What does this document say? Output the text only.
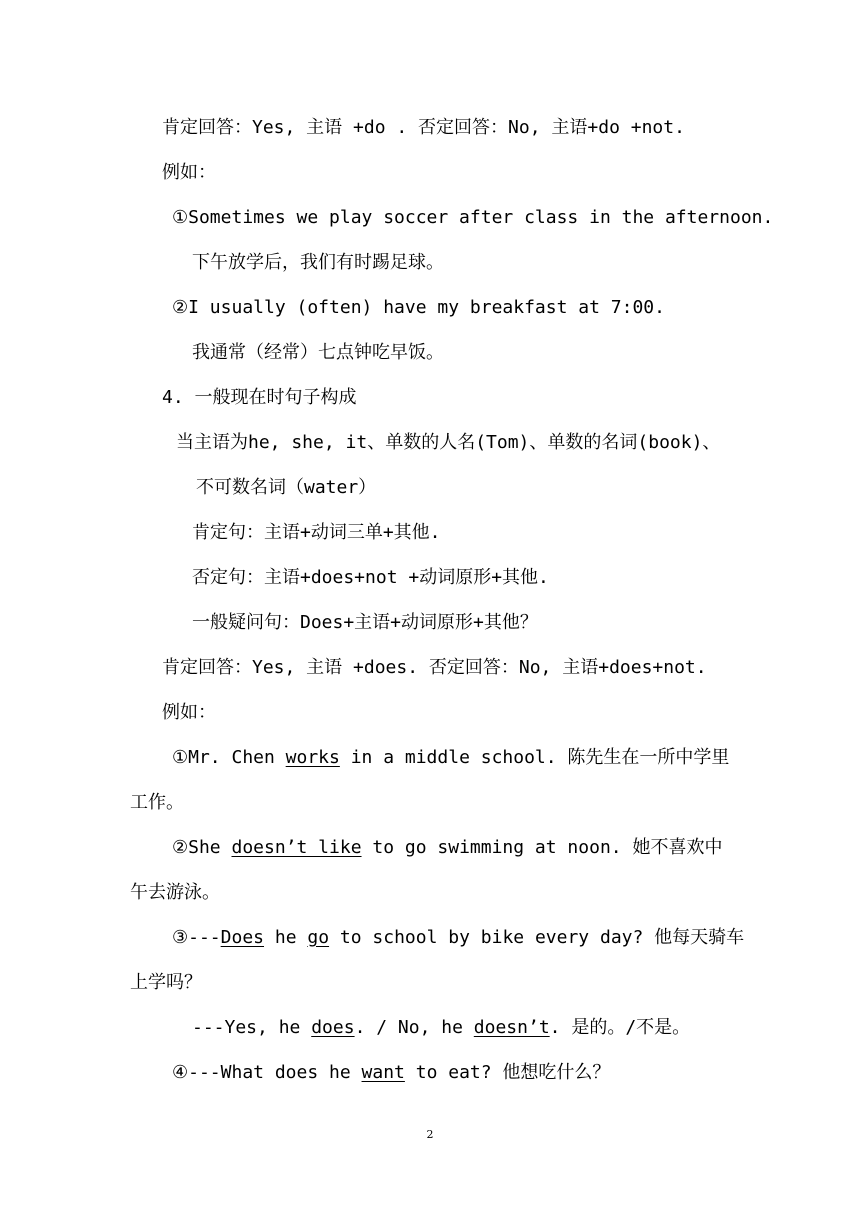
肯定回答：Yes, 主语 +do . 否定回答：No, 主语+do +not.
例如：
①Sometimes we play soccer after class in the afternoon.
下午放学后，我们有时踢足球。
②I usually (often) have my breakfast at 7:00.
我通常（经常）七点钟吃早饭。
4. 一般现在时句子构成
当主语为he, she, it、单数的人名(Tom)、单数的名词(book)、
不可数名词（water）
肯定句：主语+动词三单+其他.
否定句：主语+does+not +动词原形+其他.
一般疑问句：Does+主语+动词原形+其他？
肯定回答：Yes, 主语 +does. 否定回答：No, 主语+does+not.
例如：
①Mr. Chen works in a middle school. 陈先生在一所中学里
工作。
②She doesn’t like to go swimming at noon. 她不喜欢中
午去游泳。
③---Does he go to school by bike every day? 他每天骑车
上学吗？
---Yes, he does. / No, he doesn’t. 是的。/不是。
④---What does he want to eat? 他想吃什么？
2
